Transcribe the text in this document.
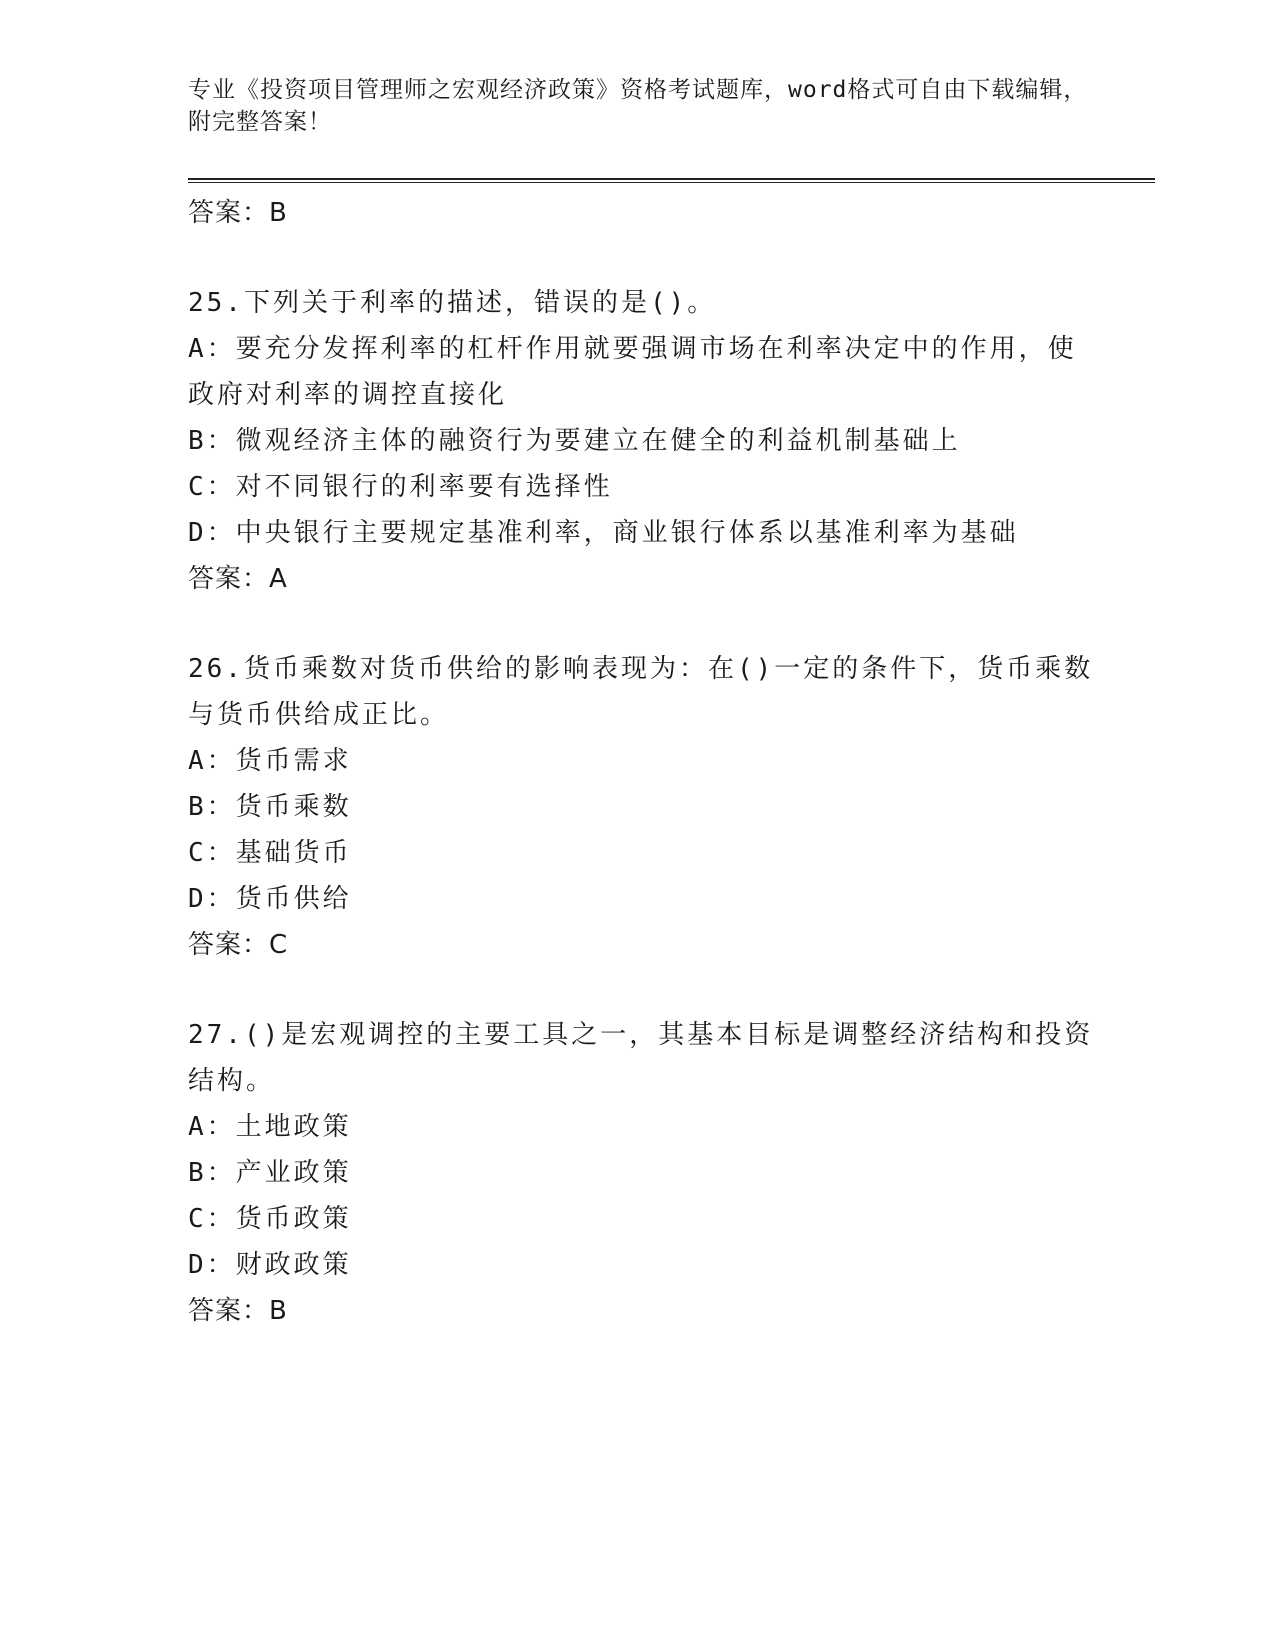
专业《投资项目管理师之宏观经济政策》资格考试题库，word格式可自由下载编辑，附完整答案！
答案：B
25.下列关于利率的描述，错误的是()。
A：要充分发挥利率的杠杆作用就要强调市场在利率决定中的作用，使
政府对利率的调控直接化
B：微观经济主体的融资行为要建立在健全的利益机制基础上
C：对不同银行的利率要有选择性
D：中央银行主要规定基准利率，商业银行体系以基准利率为基础
答案：A
26.货币乘数对货币供给的影响表现为：在()一定的条件下，货币乘数
与货币供给成正比。
A：货币需求
B：货币乘数
C：基础货币
D：货币供给
答案：C
27.()是宏观调控的主要工具之一，其基本目标是调整经济结构和投资
结构。
A：土地政策
B：产业政策
C：货币政策
D：财政政策
答案：B
